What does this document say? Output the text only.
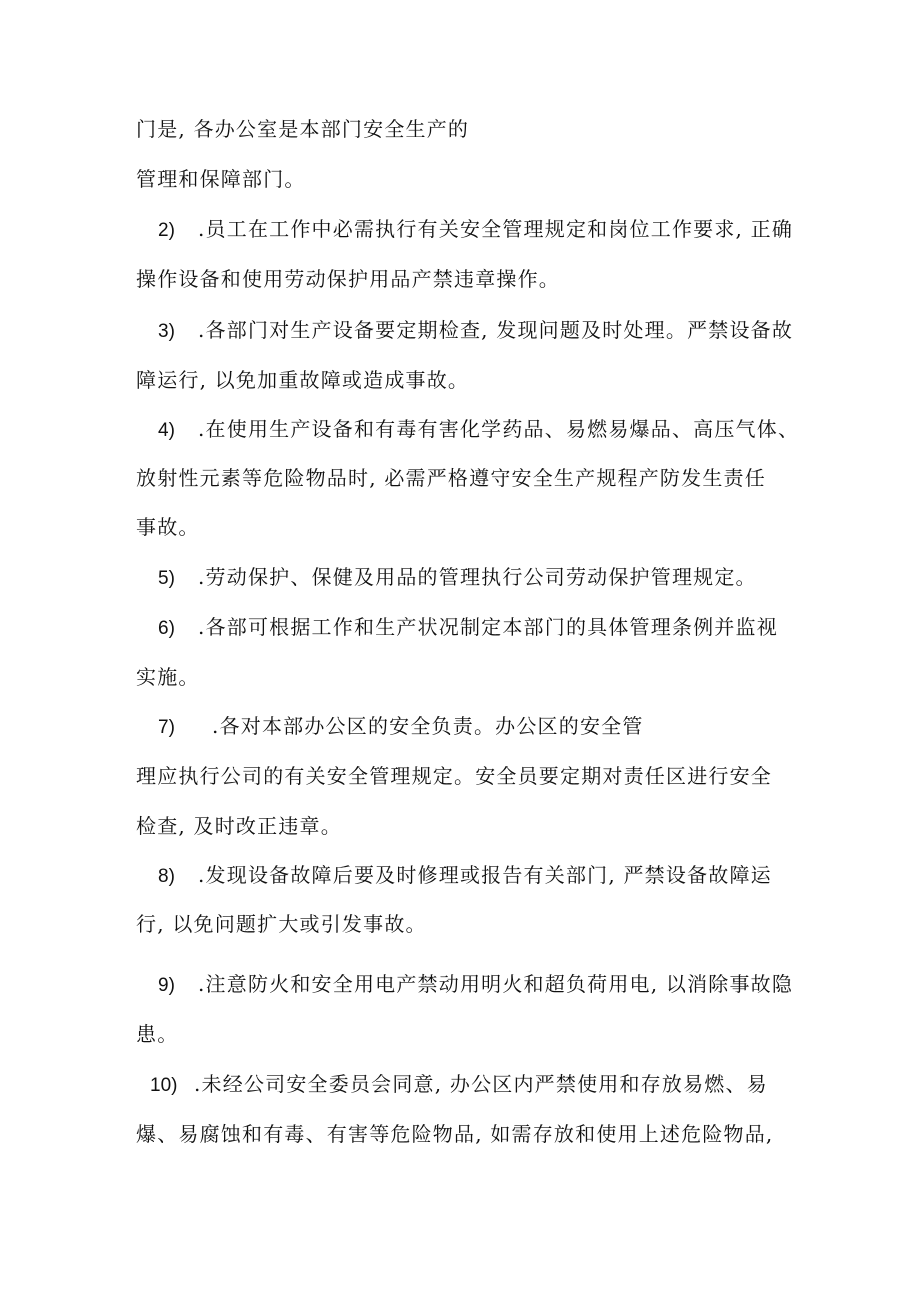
门是, 各办公室是本部门安全生产的
管理和保障部门。
2) .员工在工作中必需执行有关安全管理规定和岗位工作要求, 正确
操作设备和使用劳动保护用品产禁违章操作。
3) .各部门对生产设备要定期检查, 发现问题及时处理。严禁设备故
障运行, 以免加重故障或造成事故。
4) .在使用生产设备和有毒有害化学药品、易燃易爆品、高压气体、
放射性元素等危险物品时, 必需严格遵守安全生产规程产防发生责任
事故。
5) .劳动保护、保健及用品的管理执行公司劳动保护管理规定。
6) .各部可根据工作和生产状况制定本部门的具体管理条例并监视
实施。
7) .各对本部办公区的安全负责。办公区的安全管
理应执行公司的有关安全管理规定。安全员要定期对责任区进行安全
检查, 及时改正违章。
8) .发现设备故障后要及时修理或报告有关部门, 严禁设备故障运
行, 以免问题扩大或引发事故。
9) .注意防火和安全用电产禁动用明火和超负荷用电, 以消除事故隐
患。
10) .未经公司安全委员会同意, 办公区内严禁使用和存放易燃、易
爆、易腐蚀和有毒、有害等危险物品, 如需存放和使用上述危险物品,
